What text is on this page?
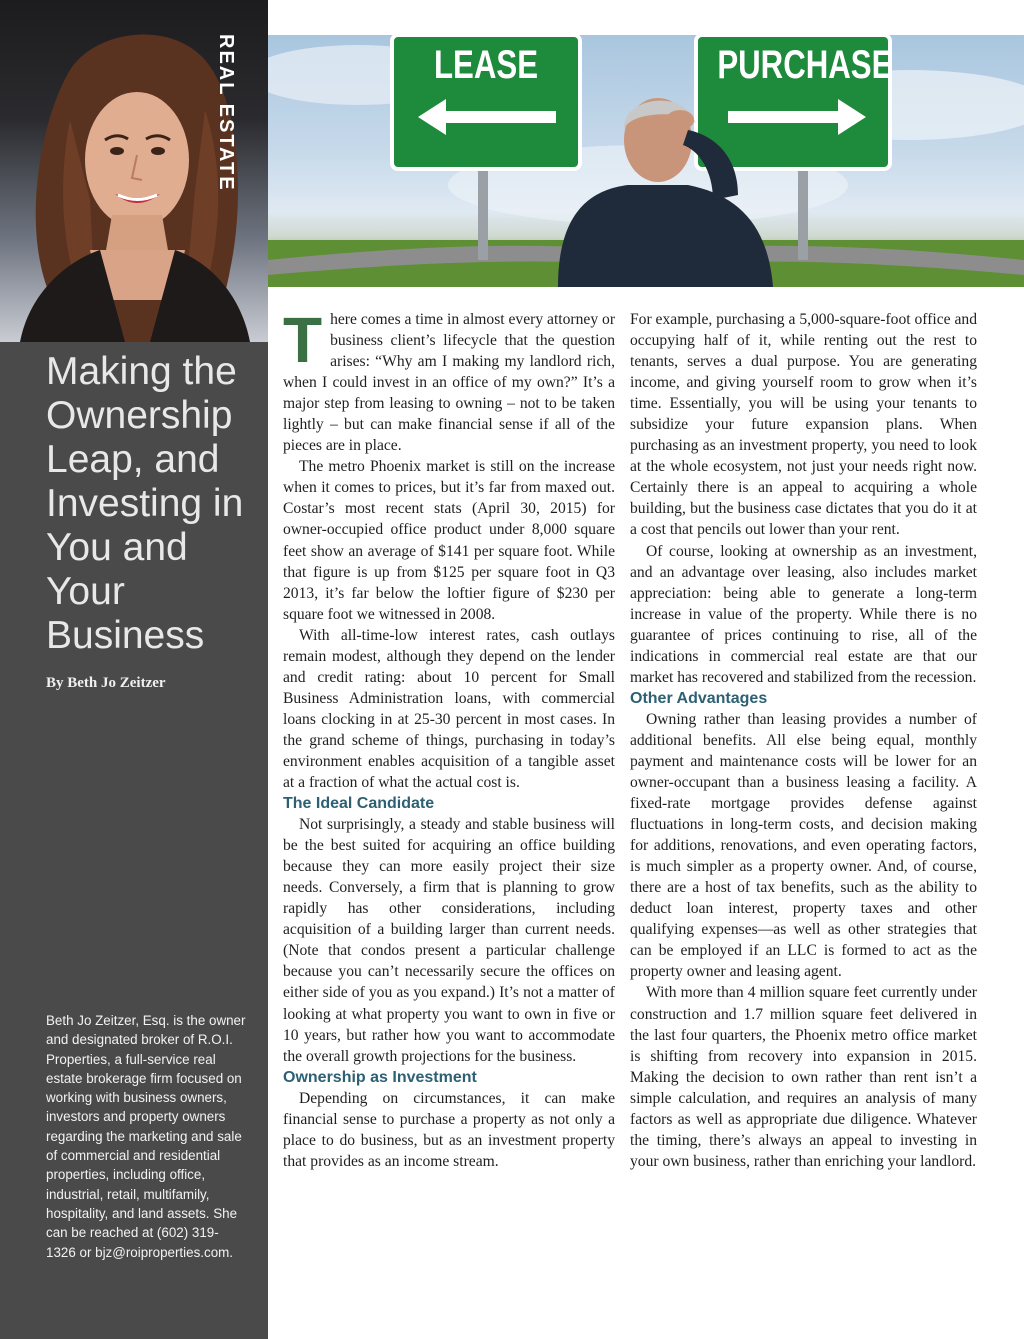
REAL ESTATE
Making the Ownership Leap, and Investing in You and Your Business
By Beth Jo Zeitzer
Beth Jo Zeitzer, Esq. is the owner and designated broker of R.O.I. Properties, a full-service real estate brokerage firm focused on working with business owners, investors and property owners regarding the marketing and sale of commercial and residential properties, including office, industrial, retail, multifamily, hospitality, and land assets. She can be reached at (602) 319-1326 or bjz@roiproperties.com.
LEASE	PURCHASE

There comes a time in almost every attorney or business client’s lifecycle that the question arises: “Why am I making my landlord rich, when I could invest in an office of my own?” It’s a major step from leasing to owning – not to be taken lightly – but can make financial sense if all of the pieces are in place.

The metro Phoenix market is still on the increase when it comes to prices, but it’s far from maxed out. Costar’s most recent stats (April 30, 2015) for owner-occupied office product under 8,000 square feet show an average of $141 per square foot. While that figure is up from $125 per square foot in Q3 2013, it’s far below the loftier figure of $230 per square foot we witnessed in 2008.

With all-time-low interest rates, cash outlays remain modest, although they depend on the lender and credit rating: about 10 percent for Small Business Administration loans, with commercial loans clocking in at 25-30 percent in most cases. In the grand scheme of things, purchasing in today’s environment enables acquisition of a tangible asset at a fraction of what the actual cost is.

The Ideal Candidate

Not surprisingly, a steady and stable business will be the best suited for acquiring an office building because they can more easily project their size needs. Conversely, a firm that is planning to grow rapidly has other considerations, including acquisition of a building larger than current needs. (Note that condos present a particular challenge because you can’t necessarily secure the offices on either side of you as you expand.) It’s not a matter of looking at what property you want to own in five or 10 years, but rather how you want to accommodate the overall growth projections for the business.

Ownership as Investment

Depending on circumstances, it can make financial sense to purchase a property as not only a place to do business, but as an investment property that provides as an income stream.

For example, purchasing a 5,000-square-foot office and occupying half of it, while renting out the rest to tenants, serves a dual purpose. You are generating income, and giving yourself room to grow when it’s time. Essentially, you will be using your tenants to subsidize your future expansion plans. When purchasing as an investment property, you need to look at the whole ecosystem, not just your needs right now. Certainly there is an appeal to acquiring a whole building, but the business case dictates that you do it at a cost that pencils out lower than your rent.

Of course, looking at ownership as an investment, and an advantage over leasing, also includes market appreciation: being able to generate a long-term increase in value of the property. While there is no guarantee of prices continuing to rise, all of the indications in commercial real estate are that our market has recovered and stabilized from the recession.

Other Advantages

Owning rather than leasing provides a number of additional benefits. All else being equal, monthly payment and maintenance costs will be lower for an owner-occupant than a business leasing a facility. A fixed-rate mortgage provides defense against fluctuations in long-term costs, and decision making for additions, renovations, and even operating factors, is much simpler as a property owner. And, of course, there are a host of tax benefits, such as the ability to deduct loan interest, property taxes and other qualifying expenses—as well as other strategies that can be employed if an LLC is formed to act as the property owner and leasing agent.

With more than 4 million square feet currently under construction and 1.7 million square feet delivered in the last four quarters, the Phoenix metro office market is shifting from recovery into expansion in 2015. Making the decision to own rather than rent isn’t a simple calculation, and requires an analysis of many factors as well as appropriate due diligence. Whatever the timing, there’s always an appeal to investing in your own business, rather than enriching your landlord.
